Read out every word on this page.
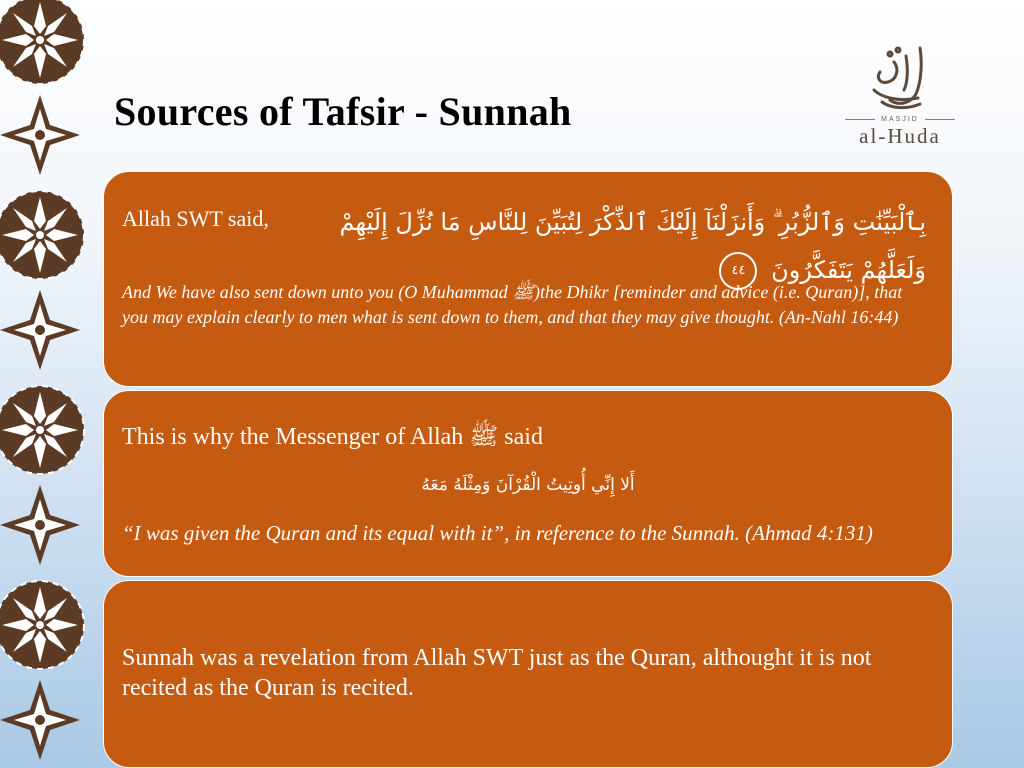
Sources of Tafsir - Sunnah	MASJID
al-Huda
Allah SWT said,	بِٱلْبَيِّنَٰتِ وَٱلزُّبُرِ ۗ وَأَنزَلْنَآ إِلَيْكَ ٱلذِّكْرَ لِتُبَيِّنَ لِلنَّاسِ مَا نُزِّلَ إِلَيْهِمْ وَلَعَلَّهُمْ يَتَفَكَّرُونَ ٤٤

And We have also sent down unto you (O Muhammad ﷺ)the Dhikr [reminder and advice (i.e. Quran)], that you may explain clearly to men what is sent down to them, and that they may give thought. (An-Nahl 16:44)

This is why the Messenger of Allah ﷺ said
أَلا إِنِّي أُوتِيتُ الْقُرْآنَ وَمِثْلَهُ مَعَهُ

“I was given the Quran and its equal with it”, in reference to the Sunnah. (Ahmad 4:131)

Sunnah was a revelation from Allah SWT just as the Quran, althought it is not recited as the Quran is recited.
